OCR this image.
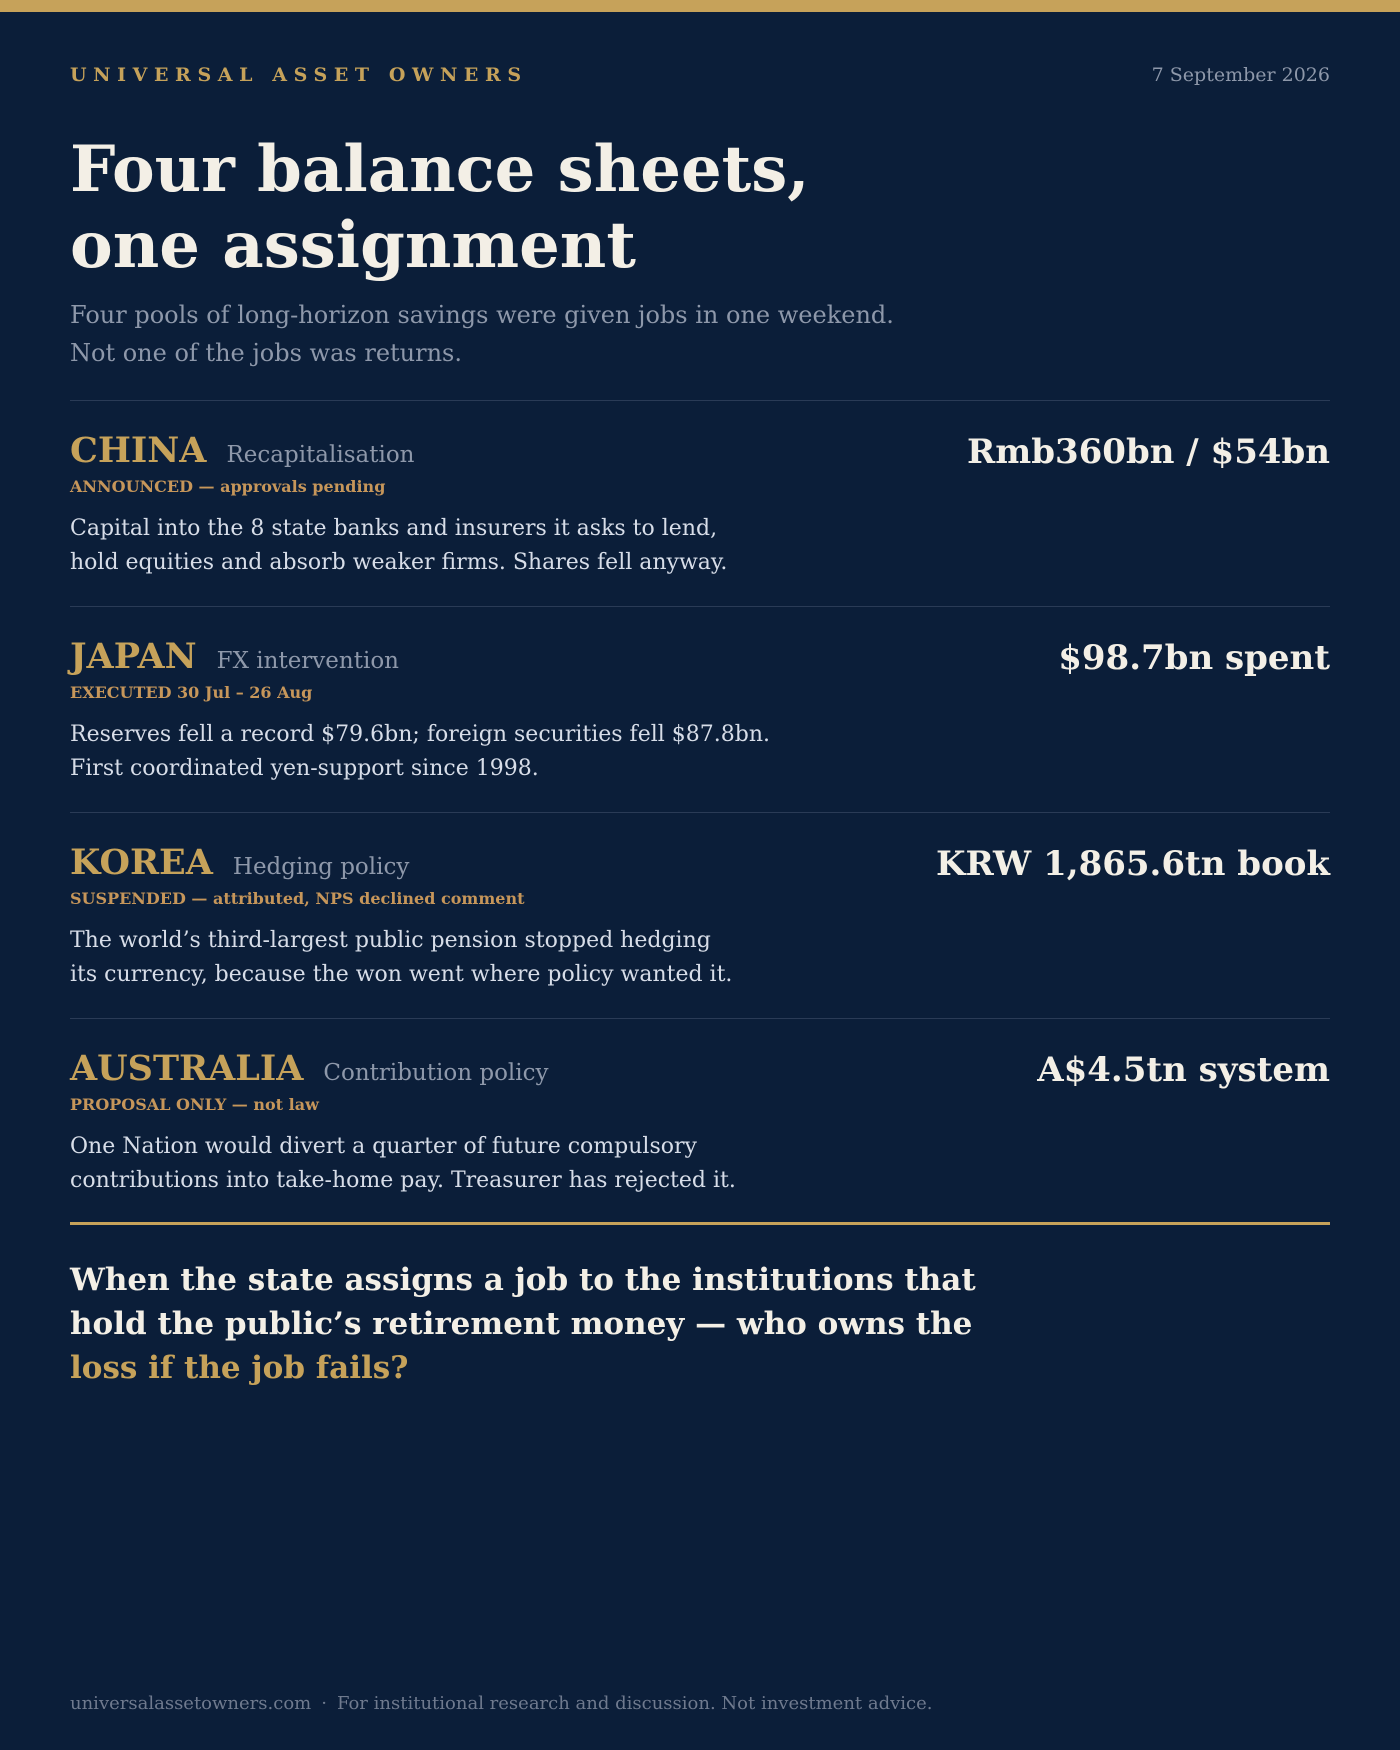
UNIVERSAL ASSET OWNERS	7 September 2026
Four balance sheets,
one assignment

Four pools of long-horizon savings were given jobs in one weekend.
Not one of the jobs was returns.

CHINA Recapitalisation	Rmb360bn / $54bn
ANNOUNCED — approvals pending

Capital into the 8 state banks and insurers it asks to lend,
hold equities and absorb weaker firms. Shares fell anyway.

JAPAN FX intervention	$98.7bn spent
EXECUTED 30 Jul – 26 Aug

Reserves fell a record $79.6bn; foreign securities fell $87.8bn.
First coordinated yen-support since 1998.

KOREA Hedging policy	KRW 1,865.6tn book
SUSPENDED — attributed, NPS declined comment

The world’s third-largest public pension stopped hedging
its currency, because the won went where policy wanted it.

AUSTRALIA Contribution policy	A$4.5tn system
PROPOSAL ONLY — not law

One Nation would divert a quarter of future compulsory
contributions into take-home pay. Treasurer has rejected it.

When the state assigns a job to the institutions that
hold the public’s retirement money — who owns the
loss if the job fails?

universalassetowners.com · For institutional research and discussion. Not investment advice.
